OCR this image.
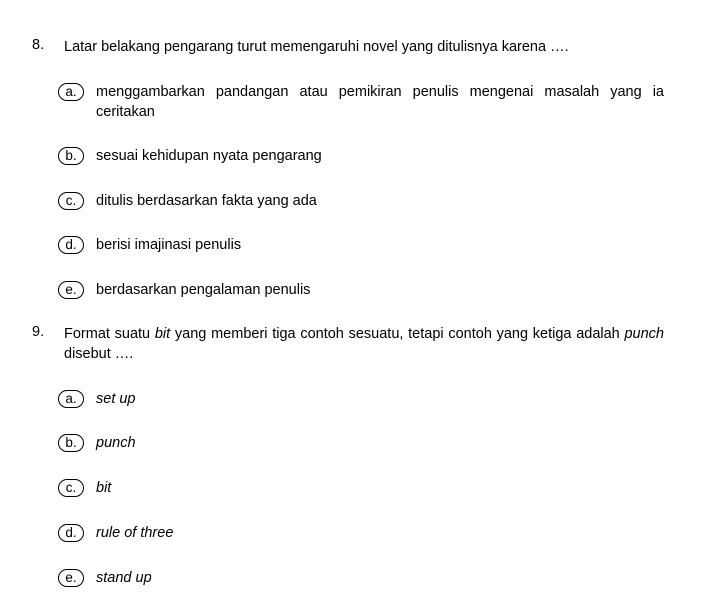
8. Latar belakang pengarang turut memengaruhi novel yang ditulisnya karena ….
a.	menggambarkan pandangan atau pemikiran penulis mengenai masalah yang ia ceritakan
b.	sesuai kehidupan nyata pengarang
c.	ditulis berdasarkan fakta yang ada
d.	berisi imajinasi penulis
e.	berdasarkan pengalaman penulis
9. Format suatu bit yang memberi tiga contoh sesuatu, tetapi contoh yang ketiga adalah punch disebut ….
a.	set up
b.	punch
c.	bit
d.	rule of three
e.	stand up
